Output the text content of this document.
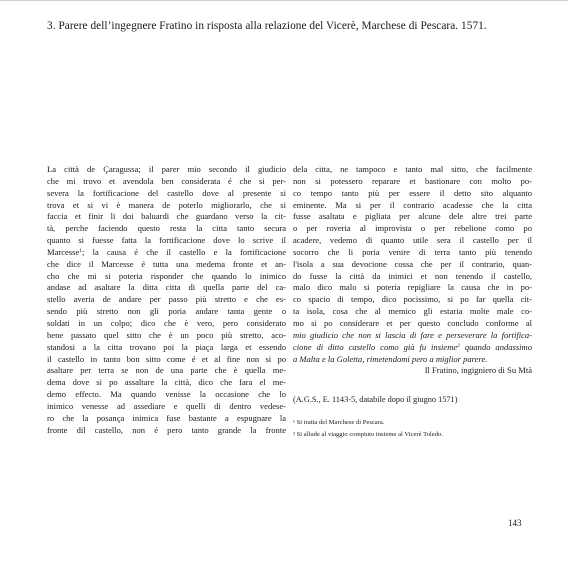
3. Parere dell’ingegnere Fratino in risposta alla relazione del Vicerè, Marchese di Pescara. 1571.
La città de Çaragussa; il parer mio secondo il giudicio
che mi trovo et avendola ben considerata é che si per-
severa la fortificacione del castello dove al presente si
trova et si vi è manera de poterlo migliorarlo, che si
faccia et finir li doi baluardi che guardano verso la cit-
tà, perche faciendo questo resta la citta tanto secura
quanto si fuesse fatta la fortificacione dove lo scrive il
Marcesse$^1$; la causa é che il castello e la fortificacione
che dice il Marcesse é tutta una medema fronte et an-
cho che mi si poteria risponder che quando lo inimico
andase ad asaltare la ditta citta di quella parte del ca-
stello averia de andare per passo più stretto e che es-
sendo più stretto non gli poria andare tanta gente o
soldati in un colpo; dico che è vero, pero considerato
bene passato quel sitto che è un poco più stretto, aco-
standosi a la citta trovano poi la piaça larga et essendo
il castello in tanto bon sitto come é et al fine non si po
asaltare per terra se non de una parte che è quella me-
dema dove si po assaltare la città, dico che fara el me-
demo effecto. Ma quando venisse la occasione che lo
inimico venesse ad assediare e quelli di dentro vedese-
ro che la posança inimica fuse bastante a espugnare la
fronte dil castello, non é pero tanto grande la fronte
dela citta, ne tampoco e tanto mal sitto, che facilmente
non si potessero reparare et bastionare con molto po-
co tempo tanto più per essere il detto sito alquanto
eminente. Ma si per il contrario acadesse che la citta
fusse asaltata e pigliata per alcune dele altre trei parte
o per roveria al improvista o per rebelione como po
acadere, vedemo di quanto utile sera il castello per il
socorro che li poria venire di terra tanto più tenendo
l'isola a sua devocione cossa che per il contrario, quan-
do fusse la città da inimici et non tenendo il castello,
malo dico malo si poteria repigliare la causa che in po-
co spacio di tempo, dico pocissimo, si po far quella cit-
ta isola, cosa che al memico gli estaria molte male co-
mo si po considerare et per questo concludo conforme al
mio giudicio che non si lascia di fare e perseverare la fortifica-
cione di ditto castello como già fu insieme$^2$ quando andassimo
a Malta e la Goletta, rimetendomi pero a miglior parere.
Il Fratino, ingigniero di Su Mtà
(A.G.S., E. 1143-5, databile dopo il giugno 1571)
¹ Si tratta del Marchese di Pescara.
² Si allude al viaggio compiuto insieme al Vicerè Toledo.
143
